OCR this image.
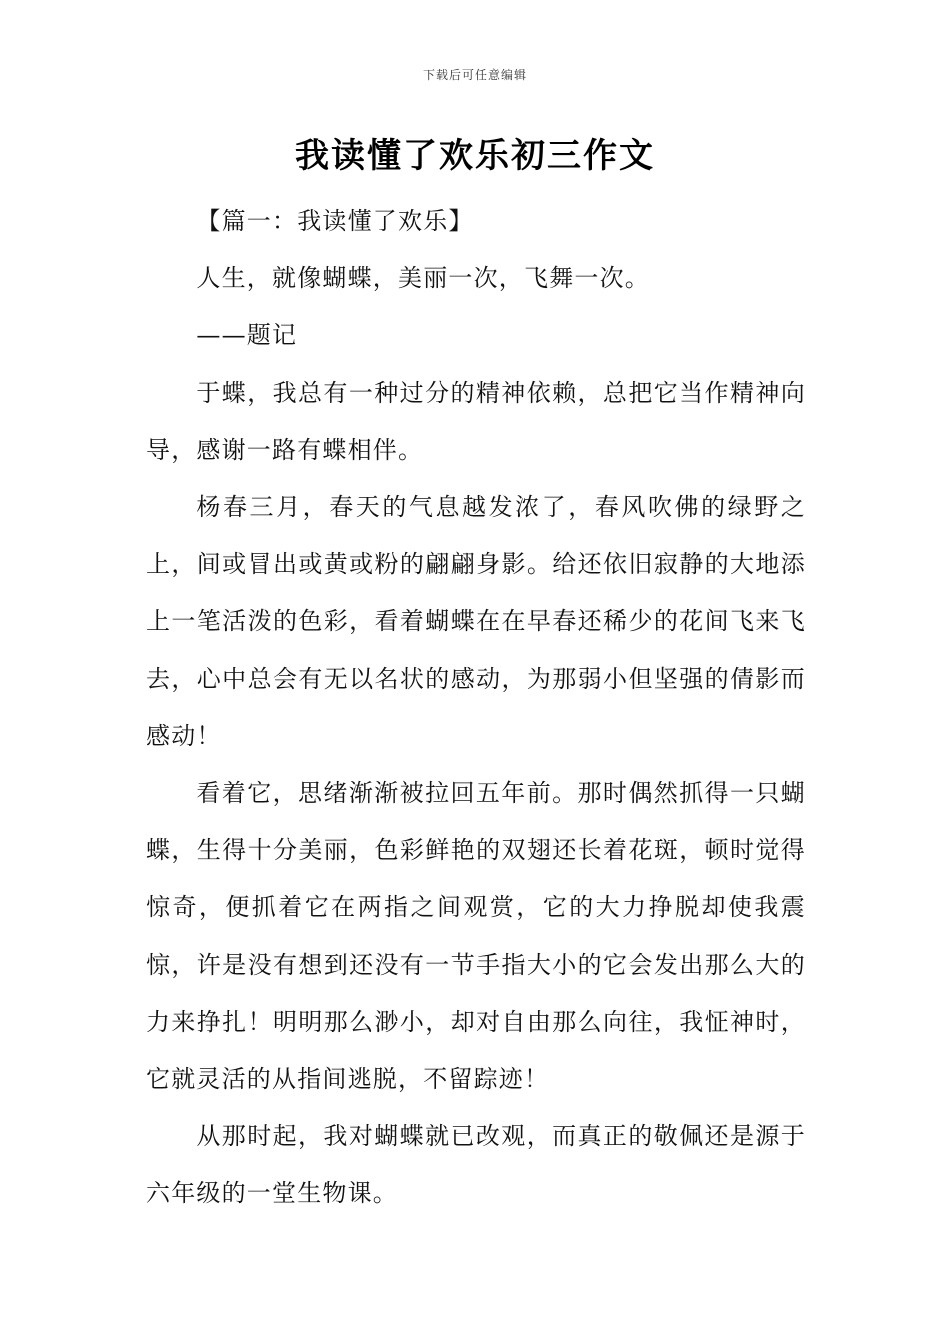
下载后可任意编辑
我读懂了欢乐初三作文

【篇一：我读懂了欢乐】

人生，就像蝴蝶，美丽一次，飞舞一次。

——题记

于蝶，我总有一种过分的精神依赖，总把它当作精神向导，感谢一路有蝶相伴。

杨春三月，春天的气息越发浓了，春风吹佛的绿野之上，间或冒出或黄或粉的翩翩身影。给还依旧寂静的大地添上一笔活泼的色彩，看着蝴蝶在在早春还稀少的花间飞来飞去，心中总会有无以名状的感动，为那弱小但坚强的倩影而感动！

看着它，思绪渐渐被拉回五年前。那时偶然抓得一只蝴蝶，生得十分美丽，色彩鲜艳的双翅还长着花斑，顿时觉得惊奇，便抓着它在两指之间观赏，它的大力挣脱却使我震惊，许是没有想到还没有一节手指大小的它会发出那么大的力来挣扎！明明那么渺小，却对自由那么向往，我怔神时，它就灵活的从指间逃脱，不留踪迹！

从那时起，我对蝴蝶就已改观，而真正的敬佩还是源于六年级的一堂生物课。
